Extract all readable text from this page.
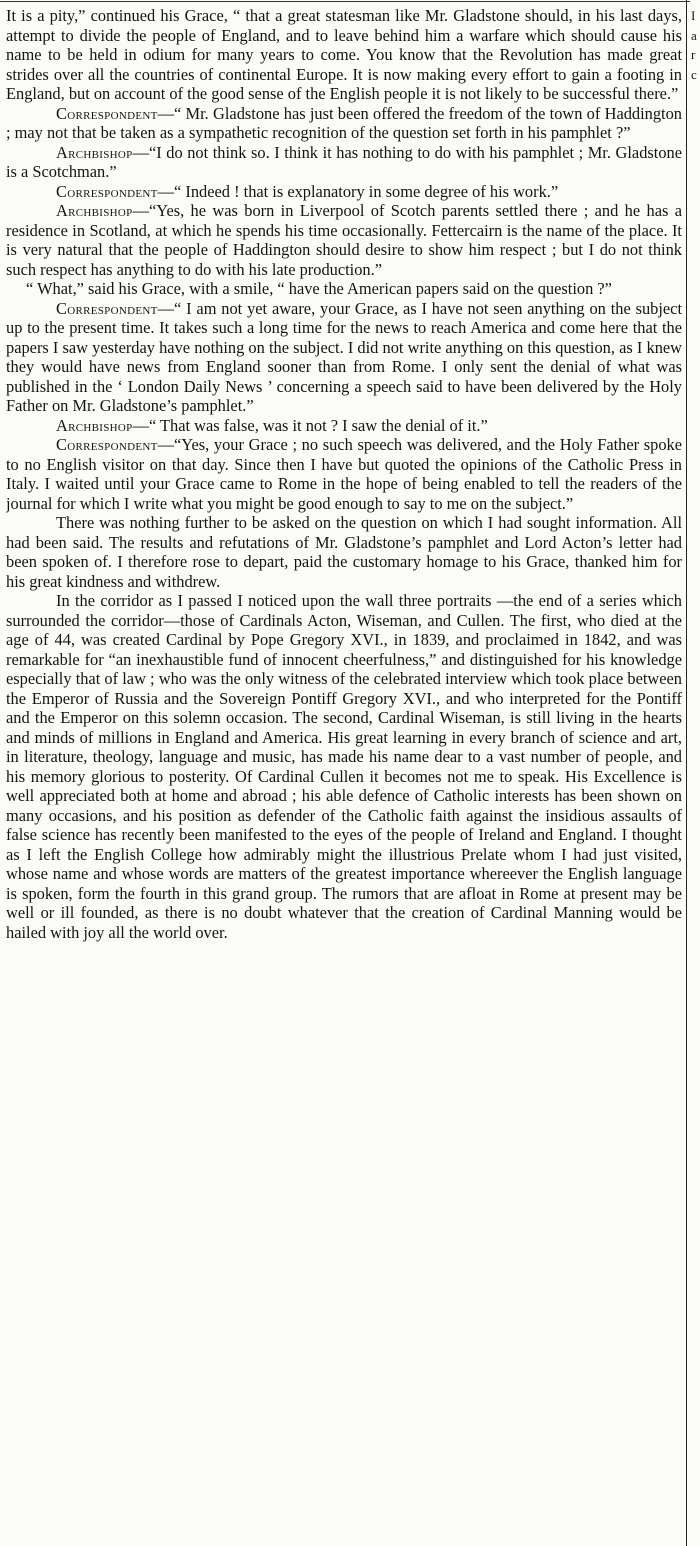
It is a pity,” continued his Grace, “ that a great statesman like Mr. Gladstone should, in his last days, attempt to divide the people of England, and to leave behind him a warfare which should cause his name to be held in odium for many years to come. You know that the Revolution has made great strides over all the countries of continental Europe. It is now making every effort to gain a footing in England, but on account of the good sense of the English people it is not likely to be successful there.”

Correspondent—“ Mr. Gladstone has just been offered the freedom of the town of Haddington ; may not that be taken as a sympathetic recognition of the question set forth in his pamphlet ?”

Archbishop—“I do not think so. I think it has nothing to do with his pamphlet ; Mr. Gladstone is a Scotchman.”

Correspondent—“ Indeed ! that is explanatory in some degree of his work.”

Archbishop—“Yes, he was born in Liverpool of Scotch parents settled there ; and he has a residence in Scotland, at which he spends his time occasionally. Fettercairn is the name of the place. It is very natural that the people of Haddington should desire to show him respect ; but I do not think such respect has anything to do with his late production.”

“ What,” said his Grace, with a smile, “ have the American papers said on the question ?”

Correspondent—“ I am not yet aware, your Grace, as I have not seen anything on the subject up to the present time. It takes such a long time for the news to reach America and come here that the papers I saw yesterday have nothing on the subject. I did not write anything on this question, as I knew they would have news from England sooner than from Rome. I only sent the denial of what was published in the ‘ London Daily News ’ concerning a speech said to have been delivered by the Holy Father on Mr. Gladstone’s pamphlet.”

Archbishop—“ That was false, was it not ? I saw the denial of it.”

Correspondent—“Yes, your Grace ; no such speech was delivered, and the Holy Father spoke to no English visitor on that day. Since then I have but quoted the opinions of the Catholic Press in Italy. I waited until your Grace came to Rome in the hope of being enabled to tell the readers of the journal for which I write what you might be good enough to say to me on the subject.”

There was nothing further to be asked on the question on which I had sought information. All had been said. The results and refutations of Mr. Gladstone’s pamphlet and Lord Acton’s letter had been spoken of. I therefore rose to depart, paid the customary homage to his Grace, thanked him for his great kindness and withdrew.

In the corridor as I passed I noticed upon the wall three portraits —the end of a series which surrounded the corridor—those of Cardinals Acton, Wiseman, and Cullen. The first, who died at the age of 44, was created Cardinal by Pope Gregory XVI., in 1839, and proclaimed in 1842, and was remarkable for “an inexhaustible fund of innocent cheerfulness,” and distinguished for his knowledge especially that of law ; who was the only witness of the celebrated interview which took place between the Emperor of Russia and the Sovereign Pontiff Gregory XVI., and who interpreted for the Pontiff and the Emperor on this solemn occasion. The second, Cardinal Wiseman, is still living in the hearts and minds of millions in England and America. His great learning in every branch of science and art, in literature, theology, language and music, has made his name dear to a vast number of people, and his memory glorious to posterity. Of Cardinal Cullen it becomes not me to speak. His Excellence is well appreciated both at home and abroad ; his able defence of Catholic interests has been shown on many occasions, and his position as defender of the Catholic faith against the insidious assaults of false science has recently been manifested to the eyes of the people of Ireland and England. I thought as I left the English College how admirably might the illustrious Prelate whom I had just visited, whose name and whose words are matters of the greatest importance whereever the English language is spoken, form the fourth in this grand group. The rumors that are afloat in Rome at present may be well or ill founded, as there is no doubt whatever that the creation of Cardinal Manning would be hailed with joy all the world over.

I
a
r
c
